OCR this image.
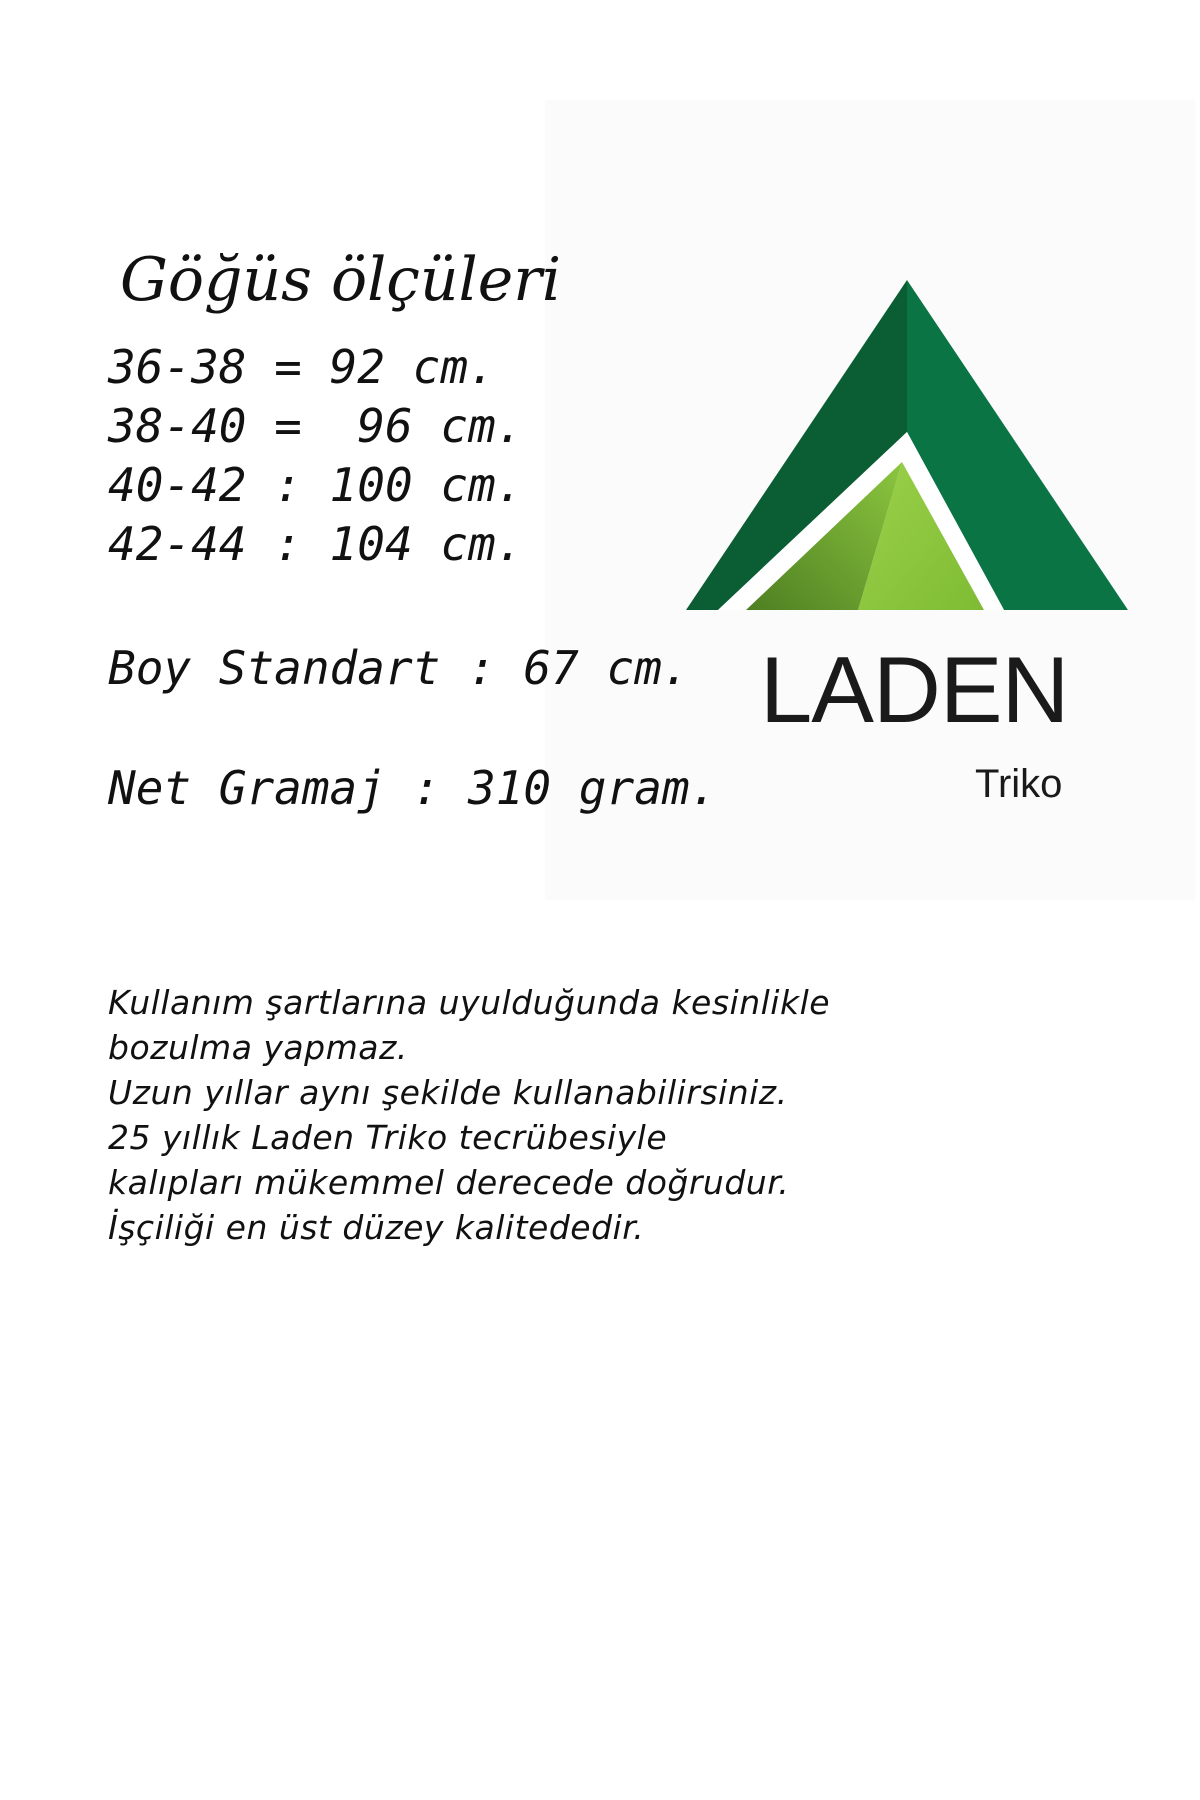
Göğüs ölçüleri
36-38 = 92 cm.
38-40 =  96 cm.
40-42 : 100 cm.
42-44 : 104 cm.
Boy Standart : 67 cm.
Net Gramaj : 310 gram.
Kullanım şartlarına uyulduğunda kesinlikle
bozulma yapmaz.
Uzun yıllar aynı şekilde kullanabilirsiniz.
25 yıllık Laden Triko tecrübesiyle
kalıpları mükemmel derecede doğrudur.
İşçiliği en üst düzey kalitededir.
LADEN
Triko
